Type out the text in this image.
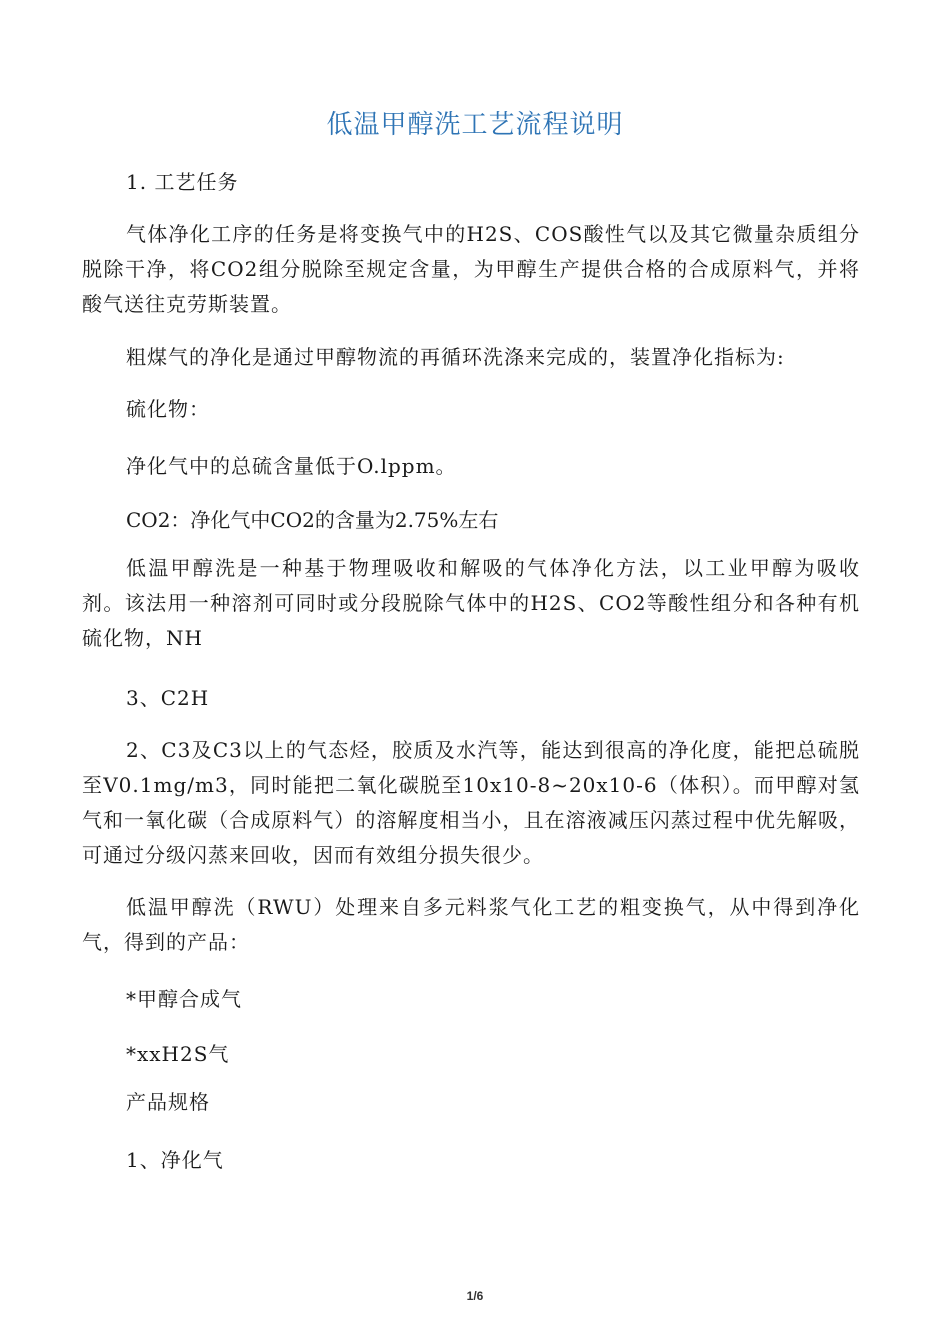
低温甲醇洗工艺流程说明
1. 工艺任务
气体净化工序的任务是将变换气中的H2S、COS酸性气以及其它微量杂质组分脱除干净，将CO2组分脱除至规定含量，为甲醇生产提供合格的合成原料气，并将酸气送往克劳斯装置。
粗煤气的净化是通过甲醇物流的再循环洗涤来完成的，装置净化指标为:
硫化物：
净化气中的总硫含量低于O.lppm。
CO2：净化气中CO2的含量为2.75%左右
低温甲醇洗是一种基于物理吸收和解吸的气体净化方法，以工业甲醇为吸收剂。该法用一种溶剂可同时或分段脱除气体中的H2S、CO2等酸性组分和各种有机硫化物，NH
3、C2H
2、C3及C3以上的气态烃，胶质及水汽等，能达到很高的净化度，能把总硫脱至V0.1mg/m3，同时能把二氧化碳脱至10x10-8~20x10-6（体积）。而甲醇对氢气和一氧化碳（合成原料气）的溶解度相当小，且在溶液减压闪蒸过程中优先解吸，可通过分级闪蒸来回收，因而有效组分损失很少。
低温甲醇洗（RWU）处理来自多元料浆气化工艺的粗变换气，从中得到净化气，得到的产品：
*甲醇合成气
*xxH2S气
产品规格
1、净化气
1/6
